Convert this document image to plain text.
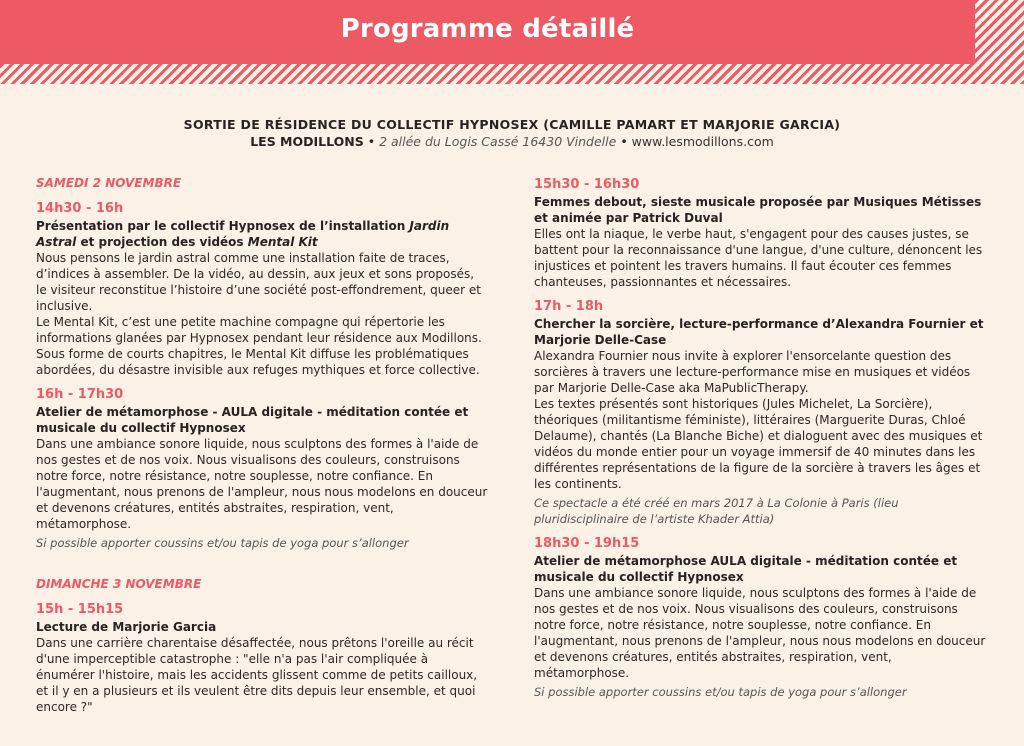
Programme détaillé
SORTIE DE RÉSIDENCE DU COLLECTIF HYPNOSEX (CAMILLE PAMART ET MARJORIE GARCIA)
LES MODILLONS • 2 allée du Logis Cassé 16430 Vindelle • www.lesmodillons.com
SAMEDI 2 NOVEMBRE
14h30 - 16h
Présentation par le collectif Hypnosex de l’installation Jardin Astral et projection des vidéos Mental Kit
Nous pensons le jardin astral comme une installation faite de traces, d’indices à assembler. De la vidéo, au dessin, aux jeux et sons proposés, le visiteur reconstitue l’histoire d’une société post-effondrement, queer et inclusive.
Le Mental Kit, c’est une petite machine compagne qui répertorie les informations glanées par Hypnosex pendant leur résidence aux Modillons. Sous forme de courts chapitres, le Mental Kit diffuse les problématiques abordées, du désastre invisible aux refuges mythiques et force collective.
16h - 17h30
Atelier de métamorphose - AULA digitale - méditation contée et musicale du collectif Hypnosex
Dans une ambiance sonore liquide, nous sculptons des formes à l'aide de nos gestes et de nos voix. Nous visualisons des couleurs, construisons notre force, notre résistance, notre souplesse, notre confiance. En l'augmentant, nous prenons de l'ampleur, nous nous modelons en douceur et devenons créatures, entités abstraites, respiration, vent, métamorphose.
Si possible apporter coussins et/ou tapis de yoga pour s’allonger
DIMANCHE 3 NOVEMBRE
15h - 15h15
Lecture de Marjorie Garcia
Dans une carrière charentaise désaffectée, nous prêtons l'oreille au récit d'une imperceptible catastrophe : "elle n'a pas l'air compliquée à énumérer l'histoire, mais les accidents glissent comme de petits cailloux, et il y en a plusieurs et ils veulent être dits depuis leur ensemble, et quoi encore ?"
15h30 - 16h30
Femmes debout, sieste musicale proposée par Musiques Métisses et animée par Patrick Duval
Elles ont la niaque, le verbe haut, s'engagent pour des causes justes, se battent pour la reconnaissance d'une langue, d'une culture, dénoncent les injustices et pointent les travers humains. Il faut écouter ces femmes chanteuses, passionnantes et nécessaires.
17h - 18h
Chercher la sorcière, lecture-performance d’Alexandra Fournier et Marjorie Delle-Case
Alexandra Fournier nous invite à explorer l'ensorcelante question des sorcières à travers une lecture-performance mise en musiques et vidéos par Marjorie Delle-Case aka MaPublicTherapy.
Les textes présentés sont historiques (Jules Michelet, La Sorcière), théoriques (militantisme féministe), littéraires (Marguerite Duras, Chloé Delaume), chantés (La Blanche Biche) et dialoguent avec des musiques et vidéos du monde entier pour un voyage immersif de 40 minutes dans les différentes représentations de la figure de la sorcière à travers les âges et les continents.
Ce spectacle a été créé en mars 2017 à La Colonie à Paris (lieu pluridisciplinaire de l’artiste Khader Attia)
18h30 - 19h15
Atelier de métamorphose AULA digitale - méditation contée et musicale du collectif Hypnosex
Dans une ambiance sonore liquide, nous sculptons des formes à l'aide de nos gestes et de nos voix. Nous visualisons des couleurs, construisons notre force, notre résistance, notre souplesse, notre confiance. En l'augmentant, nous prenons de l'ampleur, nous nous modelons en douceur et devenons créatures, entités abstraites, respiration, vent, métamorphose.
Si possible apporter coussins et/ou tapis de yoga pour s’allonger
